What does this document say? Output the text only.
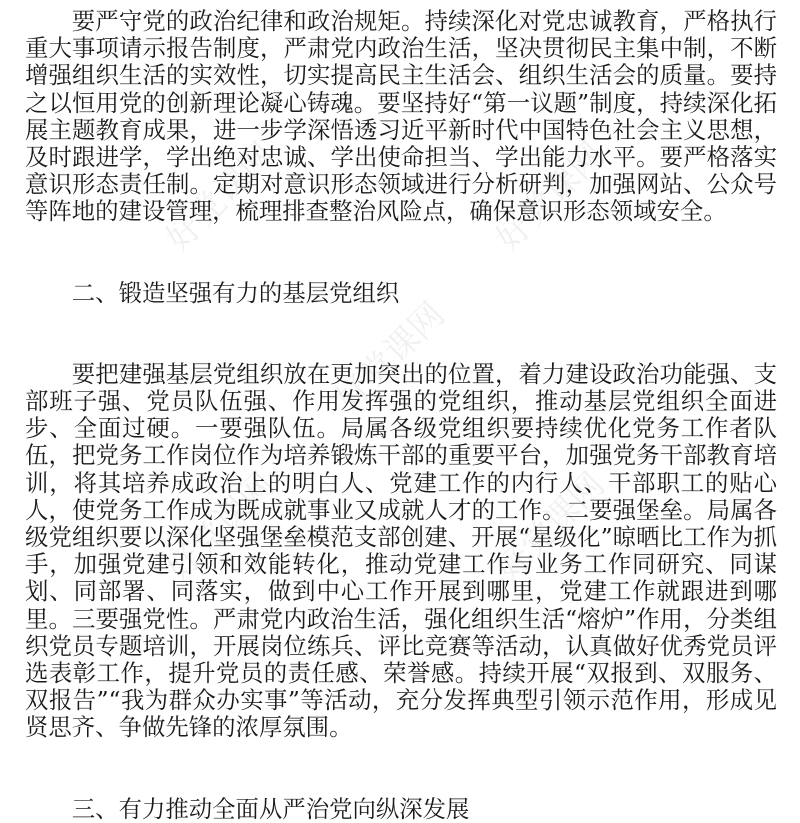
要严守党的政治纪律和政治规矩。持续深化对党忠诚教育，严格执行重大事项请示报告制度，严肃党内政治生活，坚决贯彻民主集中制，不断增强组织生活的实效性，切实提高民主生活会、组织生活会的质量。要持之以恒用党的创新理论凝心铸魂。要坚持好“第一议题”制度，持续深化拓展主题教育成果，进一步学深悟透习近平新时代中国特色社会主义思想，及时跟进学，学出绝对忠诚、学出使命担当、学出能力水平。要严格落实意识形态责任制。定期对意识形态领域进行分析研判，加强网站、公众号等阵地的建设管理，梳理排查整治风险点，确保意识形态领域安全。

二、锻造坚强有力的基层党组织

要把建强基层党组织放在更加突出的位置，着力建设政治功能强、支部班子强、党员队伍强、作用发挥强的党组织，推动基层党组织全面进步、全面过硬。一要强队伍。局属各级党组织要持续优化党务工作者队伍，把党务工作岗位作为培养锻炼干部的重要平台，加强党务干部教育培训，将其培养成政治上的明白人、党建工作的内行人、干部职工的贴心人，使党务工作成为既成就事业又成就人才的工作。二要强堡垒。局属各级党组织要以深化坚强堡垒模范支部创建、开展“星级化”晾晒比工作为抓手，加强党建引领和效能转化，推动党建工作与业务工作同研究、同谋划、同部署、同落实，做到中心工作开展到哪里，党建工作就跟进到哪里。三要强党性。严肃党内政治生活，强化组织生活“熔炉”作用，分类组织党员专题培训，开展岗位练兵、评比竞赛等活动，认真做好优秀党员评选表彰工作，提升党员的责任感、荣誉感。持续开展“双报到、双服务、双报告”“我为群众办实事”等活动，充分发挥典型引领示范作用，形成见贤思齐、争做先锋的浓厚氛围。

三、有力推动全面从严治党向纵深发展

好党课网
好党课网
好党课网
好党课网	好党课网
